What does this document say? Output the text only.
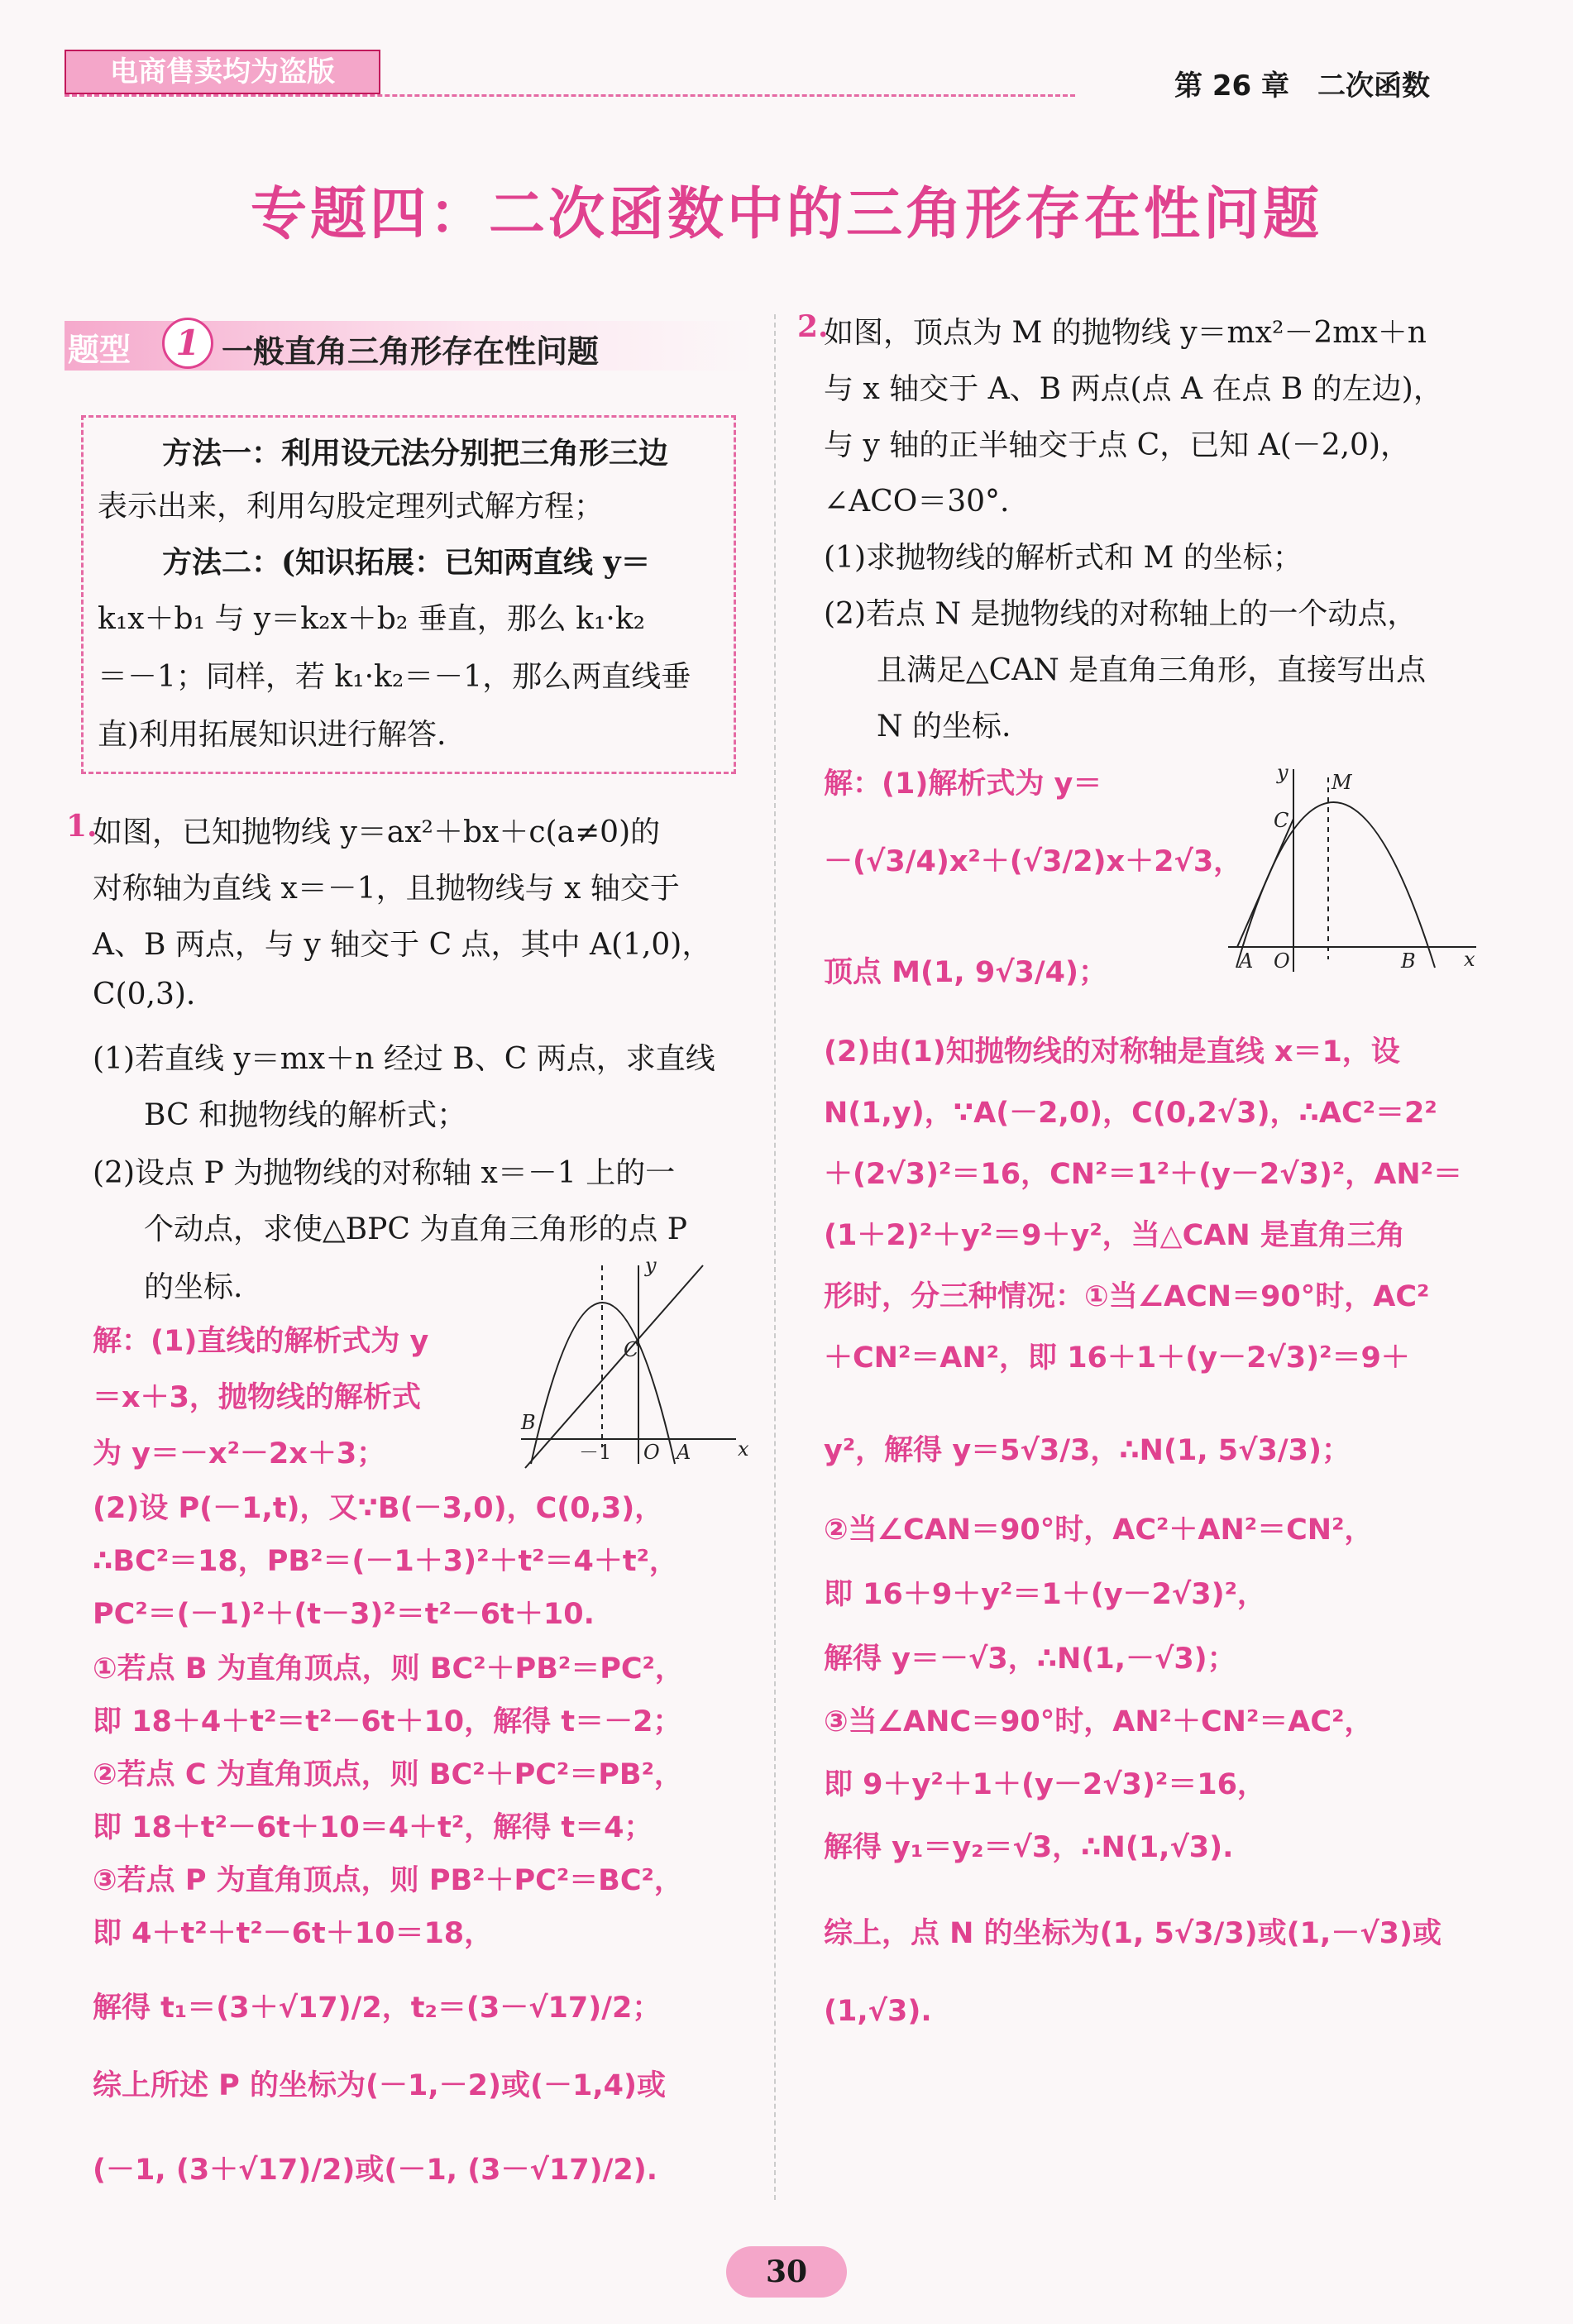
电商售卖均为盗版	第 26 章　二次函数
专题四：二次函数中的三角形存在性问题
题型	1 一般直角三角形存在性问题
方法一：利用设元法分别把三角形三边
表示出来，利用勾股定理列式解方程；
方法二：(知识拓展：已知两直线 y＝
k₁x＋b₁ 与 y＝k₂x＋b₂ 垂直，那么 k₁·k₂
＝－1；同样，若 k₁·k₂＝－1，那么两直线垂
直)利用拓展知识进行解答.
1.
如图，已知抛物线 y＝ax²＋bx＋c(a≠0)的
对称轴为直线 x＝－1，且抛物线与 x 轴交于
A、B 两点，与 y 轴交于 C 点，其中 A(1,0)，
C(0,3).
(1)若直线 y＝mx＋n 经过 B、C 两点，求直线
BC 和抛物线的解析式；
(2)设点 P 为抛物线的对称轴 x＝－1 上的一
个动点，求使△BPC 为直角三角形的点 P
的坐标.
解：(1)直线的解析式为 y
＝x＋3，抛物线的解析式
为 y＝－x²－2x＋3；
(2)设 P(－1,t)，又∵B(－3,0)，C(0,3)，
∴BC²＝18，PB²＝(－1＋3)²＋t²＝4＋t²，
PC²＝(－1)²＋(t－3)²＝t²－6t＋10.
①若点 B 为直角顶点，则 BC²＋PB²＝PC²，
即 18＋4＋t²＝t²－6t＋10，解得 t＝－2；
②若点 C 为直角顶点，则 BC²＋PC²＝PB²，
即 18＋t²－6t＋10＝4＋t²，解得 t＝4；
③若点 P 为直角顶点，则 PB²＋PC²＝BC²，
即 4＋t²＋t²－6t＋10＝18，
解得 t₁＝(3＋√17)/2，t₂＝(3－√17)/2；
综上所述 P 的坐标为(－1,－2)或(－1,4)或
(－1, (3＋√17)/2)或(－1, (3－√17)/2).
y
x
B
C
A
O
－1
2.
如图，顶点为 M 的抛物线 y＝mx²－2mx＋n
与 x 轴交于 A、B 两点(点 A 在点 B 的左边)，
与 y 轴的正半轴交于点 C，已知 A(－2,0)，
∠ACO＝30°.
(1)求抛物线的解析式和 M 的坐标；
(2)若点 N 是抛物线的对称轴上的一个动点，
且满足△CAN 是直角三角形，直接写出点
N 的坐标.
解：(1)解析式为 y＝
－(√3/4)x²＋(√3/2)x＋2√3，
顶点 M(1, 9√3/4)；
(2)由(1)知抛物线的对称轴是直线 x＝1，设
N(1,y)，∵A(－2,0)，C(0,2√3)，∴AC²＝2²
＋(2√3)²＝16，CN²＝1²＋(y－2√3)²，AN²＝
(1＋2)²＋y²＝9＋y²，当△CAN 是直角三角
形时，分三种情况：①当∠ACN＝90°时，AC²
＋CN²＝AN²，即 16＋1＋(y－2√3)²＝9＋
y²，解得 y＝5√3/3，∴N(1, 5√3/3)；
②当∠CAN＝90°时，AC²＋AN²＝CN²，
即 16＋9＋y²＝1＋(y－2√3)²，
解得 y＝－√3，∴N(1,－√3)；
③当∠ANC＝90°时，AN²＋CN²＝AC²，
即 9＋y²＋1＋(y－2√3)²＝16，
解得 y₁＝y₂＝√3，∴N(1,√3).
综上，点 N 的坐标为(1, 5√3/3)或(1,－√3)或
(1,√3).
y
x
M
C
A O	B
30
